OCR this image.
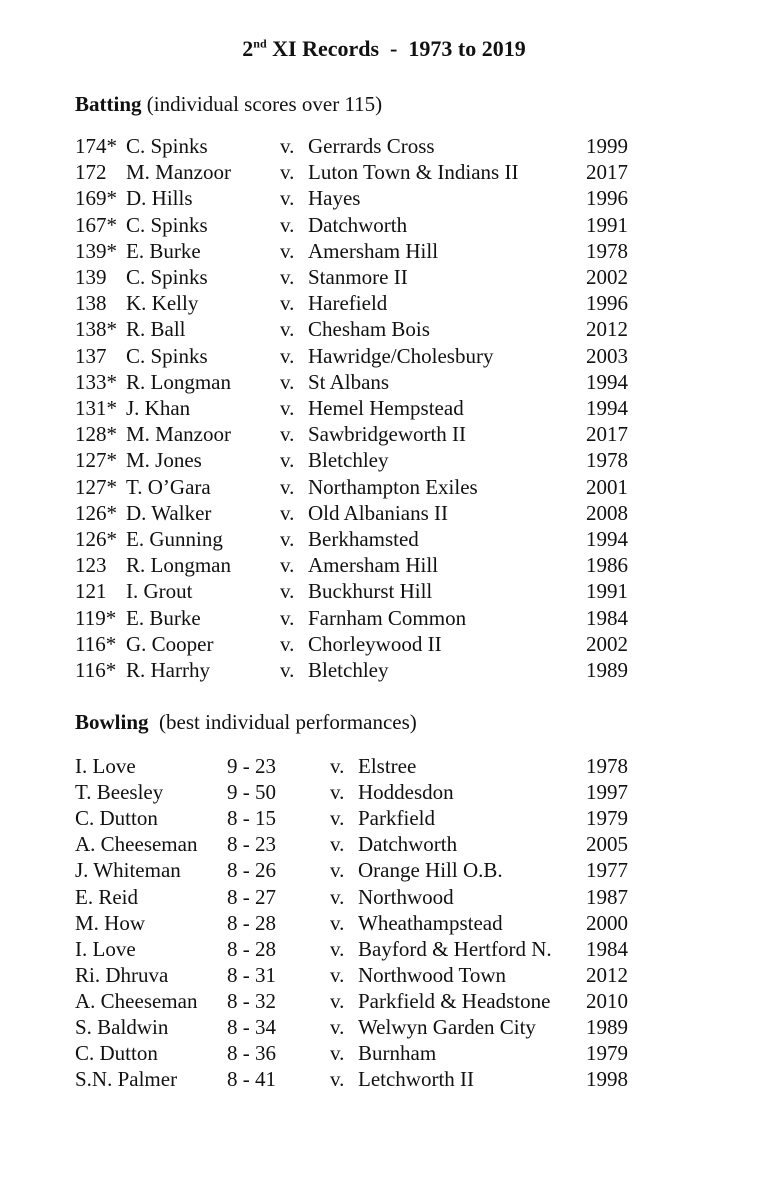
2nd XI Records  -  1973 to 2019
Batting (individual scores over 115)
174* C. Spinks	v. Gerrards Cross	1999
172 M. Manzoor v. Luton Town & Indians II	2017
169* D. Hills	v. Hayes	1996
167* C. Spinks	v. Datchworth	1991
139* E. Burke	v. Amersham Hill	1978
139 C. Spinks	v. Stanmore II	2002
138 K. Kelly	v. Harefield	1996
138* R. Ball	v. Chesham Bois	2012
137 C. Spinks	v. Hawridge/Cholesbury	2003
133* R. Longman v. St Albans	1994
131* J. Khan	v. Hemel Hempstead	1994
128* M. Manzoor v. Sawbridgeworth II	2017
127* M. Jones	v. Bletchley	1978
127* T. O’Gara	v. Northampton Exiles	2001
126* D. Walker	v. Old Albanians II	2008
126* E. Gunning	v. Berkhamsted	1994
123 R. Longman v. Amersham Hill	1986
121 I. Grout	v. Buckhurst Hill	1991
119* E. Burke	v. Farnham Common	1984
116* G. Cooper	v. Chorleywood II	2002
116* R. Harrhy	v. Bletchley	1989
Bowling  (best individual performances)
I. Love	9 - 23	v. Elstree	1978
T. Beesley	9 - 50	v. Hoddesdon	1997
C. Dutton	8 - 15	v. Parkfield	1979
A. Cheeseman 8 - 23	v. Datchworth	2005
J. Whiteman 8 - 26	v. Orange Hill O.B.	1977
E. Reid	8 - 27	v. Northwood	1987
M. How	8 - 28	v. Wheathampstead	2000
I. Love	8 - 28	v. Bayford & Hertford N. 1984
Ri. Dhruva	8 - 31	v. Northwood Town	2012
A. Cheeseman 8 - 32	v. Parkfield & Headstone 2010
S. Baldwin	8 - 34	v. Welwyn Garden City 1989
C. Dutton	8 - 36	v. Burnham	1979
S.N. Palmer 8 - 41	v. Letchworth II	1998
